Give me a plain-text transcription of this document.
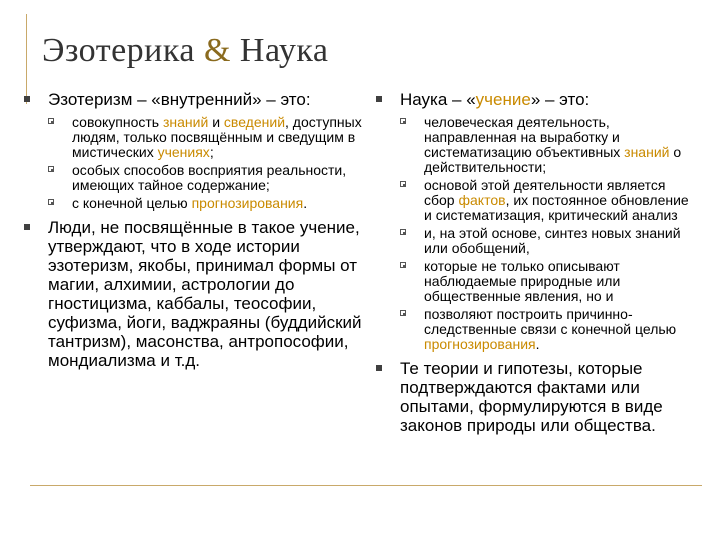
Эзотерика & Наука

Эзотеризм – «внутренний» – это:

совокупность знаний и сведений, доступных людям, только посвящённым и сведущим в мистических учениях;

особых способов восприятия реальности, имеющих тайное содержание;

с конечной целью прогнозирования.

Люди, не посвящённые в такое учение, утверждают, что в ходе истории эзотеризм, якобы, принимал формы от магии, алхимии, астрологии до гностицизма, каббалы, теософии, суфизма, йоги, ваджраяны (буддийский тантризм), масонства, антропософии, мондиализма и т.д.

Наука – «учение» – это:

человеческая деятельность, направленная на выработку и систематизацию объективных знаний о действительности;

основой этой деятельности является сбор фактов, их постоянное обновление и систематизация, критический анализ

и, на этой основе, синтез новых знаний или обобщений,

которые не только описывают наблюдаемые природные или общественные явления, но и

позволяют построить причинно-следственные связи с конечной целью прогнозирования.

Те теории и гипотезы, которые подтверждаются фактами или опытами, формулируются в виде законов природы или общества.
